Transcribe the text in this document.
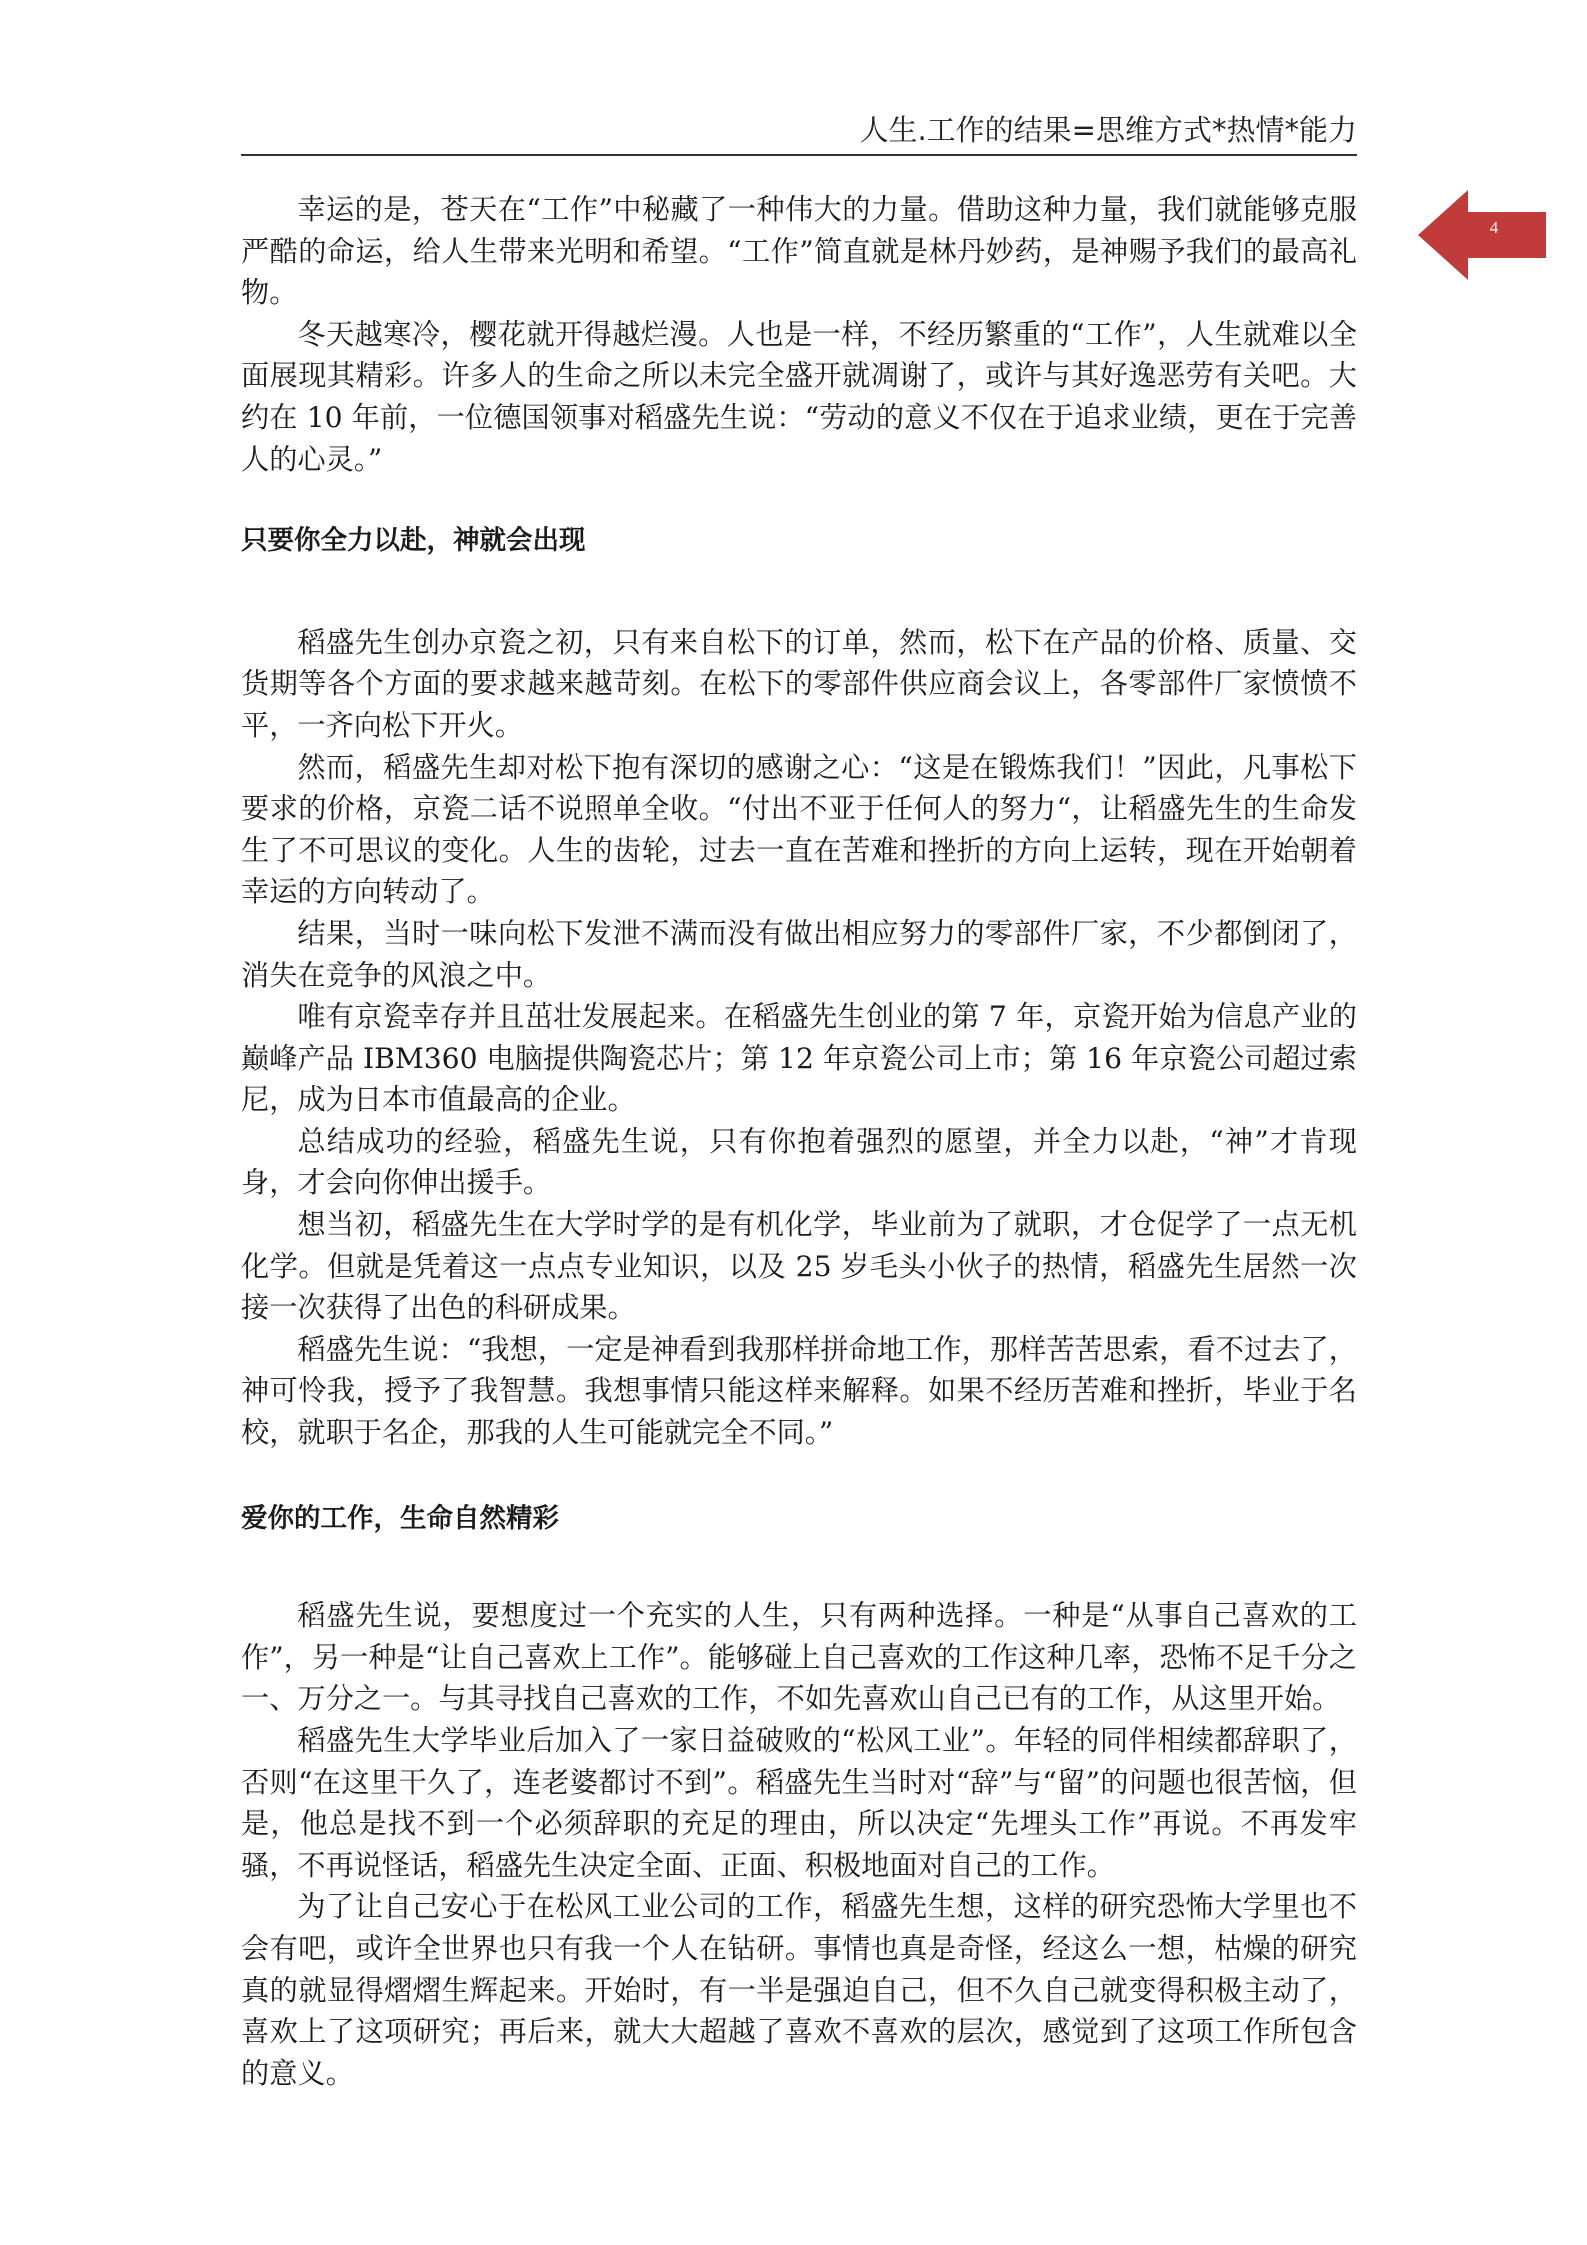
人生.工作的结果=思维方式*热情*能力
4

幸运的是，苍天在“工作”中秘藏了一种伟大的力量。借助这种力量，我们就能够克服严酷的命运，给人生带来光明和希望。“工作”简直就是林丹妙药，是神赐予我们的最高礼物。

冬天越寒冷，樱花就开得越烂漫。人也是一样，不经历繁重的“工作”，人生就难以全面展现其精彩。许多人的生命之所以未完全盛开就凋谢了，或许与其好逸恶劳有关吧。大约在 10 年前，一位德国领事对稻盛先生说：“劳动的意义不仅在于追求业绩，更在于完善人的心灵。”

只要你全力以赴，神就会出现

稻盛先生创办京瓷之初，只有来自松下的订单，然而，松下在产品的价格、质量、交货期等各个方面的要求越来越苛刻。在松下的零部件供应商会议上，各零部件厂家愤愤不平，一齐向松下开火。

然而，稻盛先生却对松下抱有深切的感谢之心：“这是在锻炼我们！”因此，凡事松下要求的价格，京瓷二话不说照单全收。“付出不亚于任何人的努力“，让稻盛先生的生命发生了不可思议的变化。人生的齿轮，过去一直在苦难和挫折的方向上运转，现在开始朝着幸运的方向转动了。

结果，当时一味向松下发泄不满而没有做出相应努力的零部件厂家，不少都倒闭了，消失在竞争的风浪之中。

唯有京瓷幸存并且茁壮发展起来。在稻盛先生创业的第 7 年，京瓷开始为信息产业的巅峰产品 IBM360 电脑提供陶瓷芯片；第 12 年京瓷公司上市；第 16 年京瓷公司超过索尼，成为日本市值最高的企业。

总结成功的经验，稻盛先生说，只有你抱着强烈的愿望，并全力以赴，“神”才肯现身，才会向你伸出援手。

想当初，稻盛先生在大学时学的是有机化学，毕业前为了就职，才仓促学了一点无机化学。但就是凭着这一点点专业知识，以及 25 岁毛头小伙子的热情，稻盛先生居然一次接一次获得了出色的科研成果。

稻盛先生说：“我想，一定是神看到我那样拼命地工作，那样苦苦思索，看不过去了，神可怜我，授予了我智慧。我想事情只能这样来解释。如果不经历苦难和挫折，毕业于名校，就职于名企，那我的人生可能就完全不同。”

爱你的工作，生命自然精彩

稻盛先生说，要想度过一个充实的人生，只有两种选择。一种是“从事自己喜欢的工作”，另一种是“让自己喜欢上工作”。能够碰上自己喜欢的工作这种几率，恐怖不足千分之一、万分之一。与其寻找自己喜欢的工作，不如先喜欢山自己已有的工作，从这里开始。

稻盛先生大学毕业后加入了一家日益破败的“松风工业”。年轻的同伴相续都辞职了，否则“在这里干久了，连老婆都讨不到”。稻盛先生当时对“辞”与“留”的问题也很苦恼，但是，他总是找不到一个必须辞职的充足的理由，所以决定“先埋头工作”再说。不再发牢骚，不再说怪话，稻盛先生决定全面、正面、积极地面对自己的工作。

为了让自己安心于在松风工业公司的工作，稻盛先生想，这样的研究恐怖大学里也不会有吧，或许全世界也只有我一个人在钻研。事情也真是奇怪，经这么一想，枯燥的研究真的就显得熠熠生辉起来。开始时，有一半是强迫自己，但不久自己就变得积极主动了，喜欢上了这项研究；再后来，就大大超越了喜欢不喜欢的层次，感觉到了这项工作所包含的意义。
